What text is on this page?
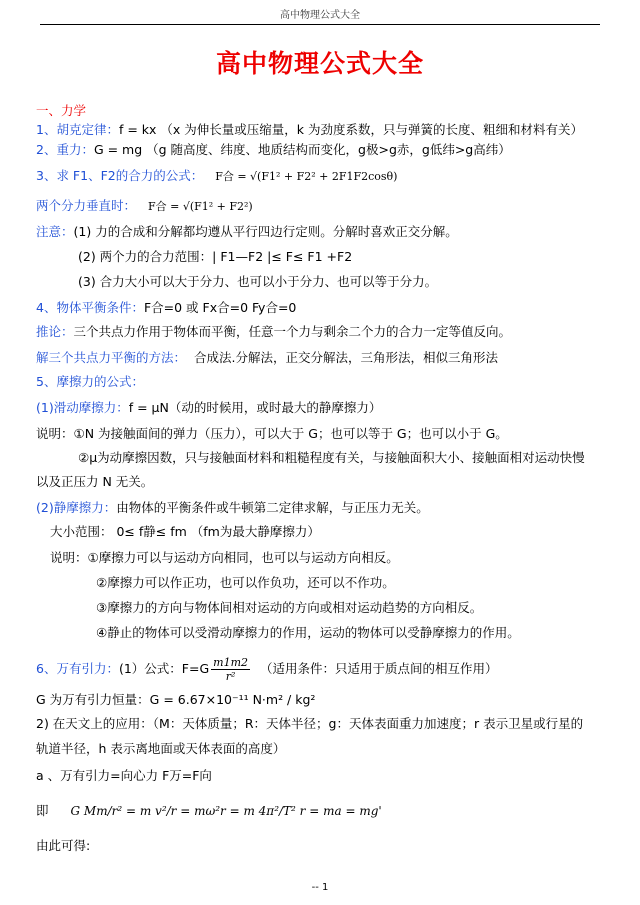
高中物理公式大全
高中物理公式大全
一、力学
1、胡克定律：f = kx （x 为伸长量或压缩量，k 为劲度系数，只与弹簧的长度、粗细和材料有关）
2、重力：G = mg （g 随高度、纬度、地质结构而变化，g极>g赤，g低纬>g高纬）
3、求 F1、F2的合力的公式： F合 = √(F1² + F2² + 2F1F2cosθ)
两个分力垂直时： F合 = √(F1² + F2²)
注意：(1) 力的合成和分解都均遵从平行四边行定则。分解时喜欢正交分解。
(2) 两个力的合力范围：| F1—F2 |≤ F≤ F1 +F2
(3) 合力大小可以大于分力、也可以小于分力、也可以等于分力。
4、物体平衡条件：F合=0 或 Fx合=0 Fy合=0
推论：三个共点力作用于物体而平衡，任意一个力与剩余二个力的合力一定等值反向。
解三个共点力平衡的方法： 合成法.分解法，正交分解法，三角形法，相似三角形法
5、摩擦力的公式：
(1)滑动摩擦力：f = μN（动的时候用，或时最大的静摩擦力）
说明：①N 为接触面间的弹力（压力），可以大于 G；也可以等于 G；也可以小于 G。
②μ为动摩擦因数，只与接触面材料和粗糙程度有关，与接触面积大小、接触面相对运动快慢
以及正压力 N 无关。
(2)静摩擦力：由物体的平衡条件或牛顿第二定律求解，与正压力无关。
大小范围： 0≤ f静≤ fm （fm为最大静摩擦力）
说明：①摩擦力可以与运动方向相同，也可以与运动方向相反。
②摩擦力可以作正功，也可以作负功，还可以不作功。
③摩擦力的方向与物体间相对运动的方向或相对运动趋势的方向相反。
④静止的物体可以受滑动摩擦力的作用，运动的物体可以受静摩擦力的作用。
6、万有引力：(1）公式：$F=G \frac{m1m2}{\text{r²}}$ （适用条件：只适用于质点间的相互作用）
G 为万有引力恒量：G = 6.67×10⁻¹¹ N·m² / kg²
2) 在天文上的应用：（M：天体质量；R：天体半径；g：天体表面重力加速度；r 表示卫星或行星的
轨道半径，h 表示离地面或天体表面的高度）
a 、万有引力=向心力 F万=F向
即 G Mm/r² = m v²/r = mω²r = m 4π²/T² r = ma = mg'
由此可得:
-- 1
